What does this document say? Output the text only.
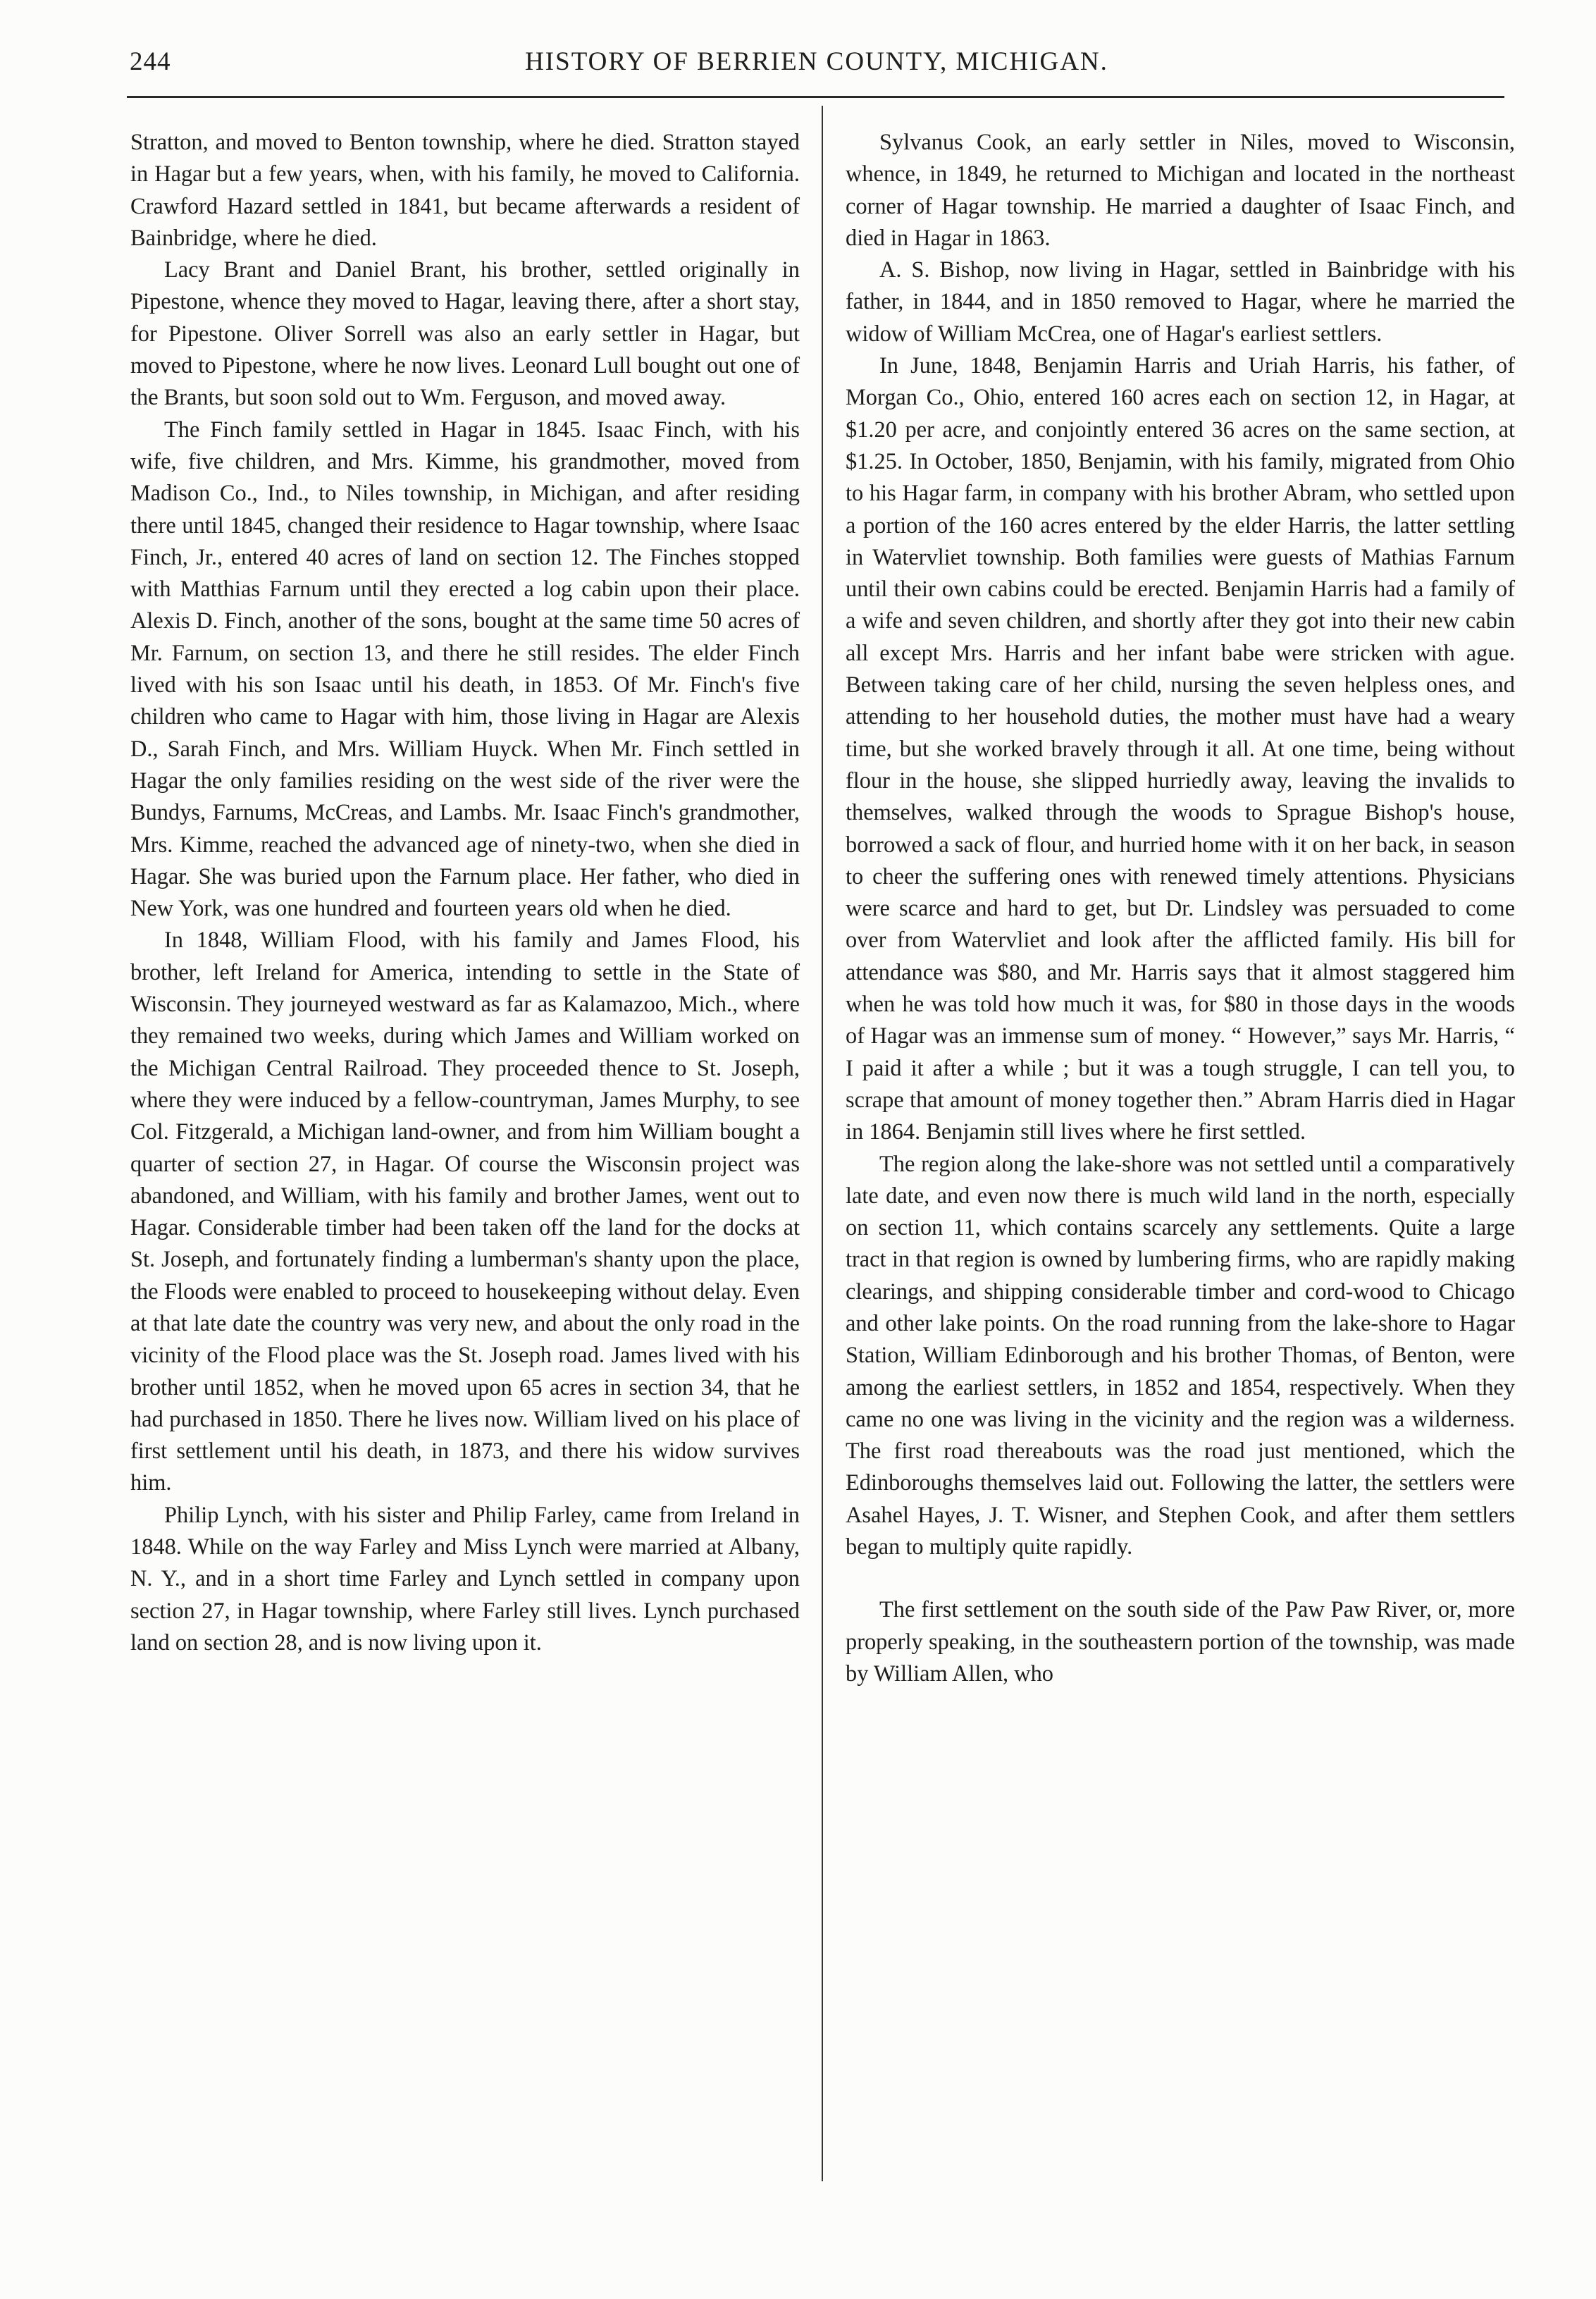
244	HISTORY OF BERRIEN COUNTY, MICHIGAN.

Stratton, and moved to Benton township, where he died. Stratton stayed in Hagar but a few years, when, with his family, he moved to California. Crawford Hazard settled in 1841, but became afterwards a resident of Bainbridge, where he died.

Lacy Brant and Daniel Brant, his brother, settled originally in Pipestone, whence they moved to Hagar, leaving there, after a short stay, for Pipestone. Oliver Sorrell was also an early settler in Hagar, but moved to Pipestone, where he now lives. Leonard Lull bought out one of the Brants, but soon sold out to Wm. Ferguson, and moved away.

The Finch family settled in Hagar in 1845. Isaac Finch, with his wife, five children, and Mrs. Kimme, his grandmother, moved from Madison Co., Ind., to Niles township, in Michigan, and after residing there until 1845, changed their residence to Hagar township, where Isaac Finch, Jr., entered 40 acres of land on section 12. The Finches stopped with Matthias Farnum until they erected a log cabin upon their place. Alexis D. Finch, another of the sons, bought at the same time 50 acres of Mr. Farnum, on section 13, and there he still resides. The elder Finch lived with his son Isaac until his death, in 1853. Of Mr. Finch's five children who came to Hagar with him, those living in Hagar are Alexis D., Sarah Finch, and Mrs. William Huyck. When Mr. Finch settled in Hagar the only families residing on the west side of the river were the Bundys, Farnums, McCreas, and Lambs. Mr. Isaac Finch's grandmother, Mrs. Kimme, reached the advanced age of ninety-two, when she died in Hagar. She was buried upon the Farnum place. Her father, who died in New York, was one hundred and fourteen years old when he died.

In 1848, William Flood, with his family and James Flood, his brother, left Ireland for America, intending to settle in the State of Wisconsin. They journeyed westward as far as Kalamazoo, Mich., where they remained two weeks, during which James and William worked on the Michigan Central Railroad. They proceeded thence to St. Joseph, where they were induced by a fellow-countryman, James Murphy, to see Col. Fitzgerald, a Michigan land-owner, and from him William bought a quarter of section 27, in Hagar. Of course the Wisconsin project was abandoned, and William, with his family and brother James, went out to Hagar. Considerable timber had been taken off the land for the docks at St. Joseph, and fortunately finding a lumberman's shanty upon the place, the Floods were enabled to proceed to housekeeping without delay. Even at that late date the country was very new, and about the only road in the vicinity of the Flood place was the St. Joseph road. James lived with his brother until 1852, when he moved upon 65 acres in section 34, that he had purchased in 1850. There he lives now. William lived on his place of first settlement until his death, in 1873, and there his widow survives him.

Philip Lynch, with his sister and Philip Farley, came from Ireland in 1848. While on the way Farley and Miss Lynch were married at Albany, N. Y., and in a short time Farley and Lynch settled in company upon section 27, in Hagar township, where Farley still lives. Lynch purchased land on section 28, and is now living upon it.

Sylvanus Cook, an early settler in Niles, moved to Wisconsin, whence, in 1849, he returned to Michigan and located in the northeast corner of Hagar township. He married a daughter of Isaac Finch, and died in Hagar in 1863.

A. S. Bishop, now living in Hagar, settled in Bainbridge with his father, in 1844, and in 1850 removed to Hagar, where he married the widow of William McCrea, one of Hagar's earliest settlers.

In June, 1848, Benjamin Harris and Uriah Harris, his father, of Morgan Co., Ohio, entered 160 acres each on section 12, in Hagar, at $1.20 per acre, and conjointly entered 36 acres on the same section, at $1.25. In October, 1850, Benjamin, with his family, migrated from Ohio to his Hagar farm, in company with his brother Abram, who settled upon a portion of the 160 acres entered by the elder Harris, the latter settling in Watervliet township. Both families were guests of Mathias Farnum until their own cabins could be erected. Benjamin Harris had a family of a wife and seven children, and shortly after they got into their new cabin all except Mrs. Harris and her infant babe were stricken with ague. Between taking care of her child, nursing the seven helpless ones, and attending to her household duties, the mother must have had a weary time, but she worked bravely through it all. At one time, being without flour in the house, she slipped hurriedly away, leaving the invalids to themselves, walked through the woods to Sprague Bishop's house, borrowed a sack of flour, and hurried home with it on her back, in season to cheer the suffering ones with renewed timely attentions. Physicians were scarce and hard to get, but Dr. Lindsley was persuaded to come over from Watervliet and look after the afflicted family. His bill for attendance was $80, and Mr. Harris says that it almost staggered him when he was told how much it was, for $80 in those days in the woods of Hagar was an immense sum of money. “ However,” says Mr. Harris, “ I paid it after a while ; but it was a tough struggle, I can tell you, to scrape that amount of money together then.” Abram Harris died in Hagar in 1864. Benjamin still lives where he first settled.

The region along the lake-shore was not settled until a comparatively late date, and even now there is much wild land in the north, especially on section 11, which contains scarcely any settlements. Quite a large tract in that region is owned by lumbering firms, who are rapidly making clearings, and shipping considerable timber and cord-wood to Chicago and other lake points. On the road running from the lake-shore to Hagar Station, William Edinborough and his brother Thomas, of Benton, were among the earliest settlers, in 1852 and 1854, respectively. When they came no one was living in the vicinity and the region was a wilderness. The first road thereabouts was the road just mentioned, which the Edinboroughs themselves laid out. Following the latter, the settlers were Asahel Hayes, J. T. Wisner, and Stephen Cook, and after them settlers began to multiply quite rapidly.

The first settlement on the south side of the Paw Paw River, or, more properly speaking, in the southeastern portion of the township, was made by William Allen, who
